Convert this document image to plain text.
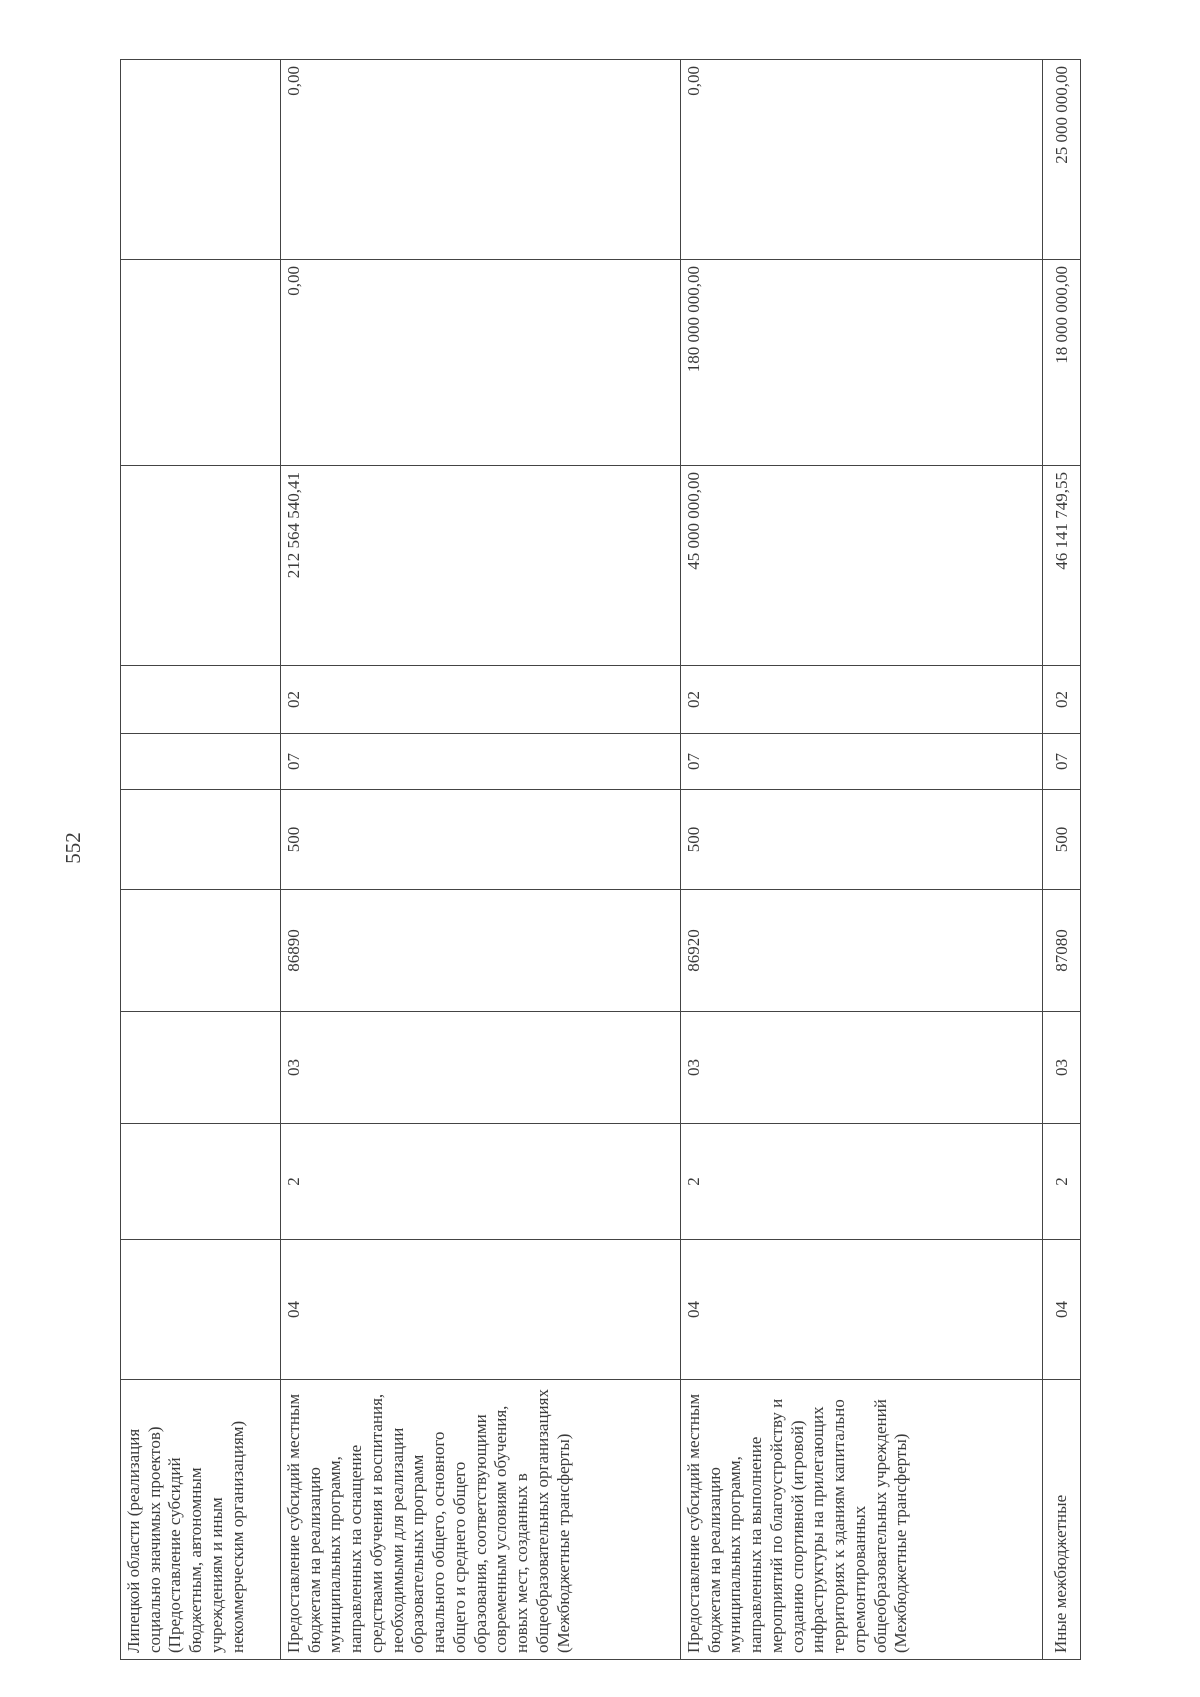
552
Липецкой области (реализация социально значимых проектов) (Предоставление субсидий бюджетным, автономным учреждениям и иным некоммерческим организациям)										
Предоставление субсидий местным бюджетам на реализацию муниципальных программ, направленных на оснащение средствами обучения и воспитания, необходимыми для реализации образовательных программ начального общего, основного общего и среднего общего образования, соответствующими современным условиям обучения, новых мест, созданных в общеобразовательных организациях (Межбюджетные трансферты)	04	2	03	86890	500	07	02	212 564 540,41	0,00	0,00
Предоставление субсидий местным бюджетам на реализацию муниципальных программ, направленных на выполнение мероприятий по благоустройству и созданию спортивной (игровой) инфраструктуры на прилегающих территориях к зданиям капитально отремонтированных общеобразовательных учреждений (Межбюджетные трансферты)	04	2	03	86920	500	07	02	45 000 000,00	180 000 000,00	0,00
Иные межбюджетные	04	2	03	87080	500	07	02	46 141 749,55	18 000 000,00	25 000 000,00
